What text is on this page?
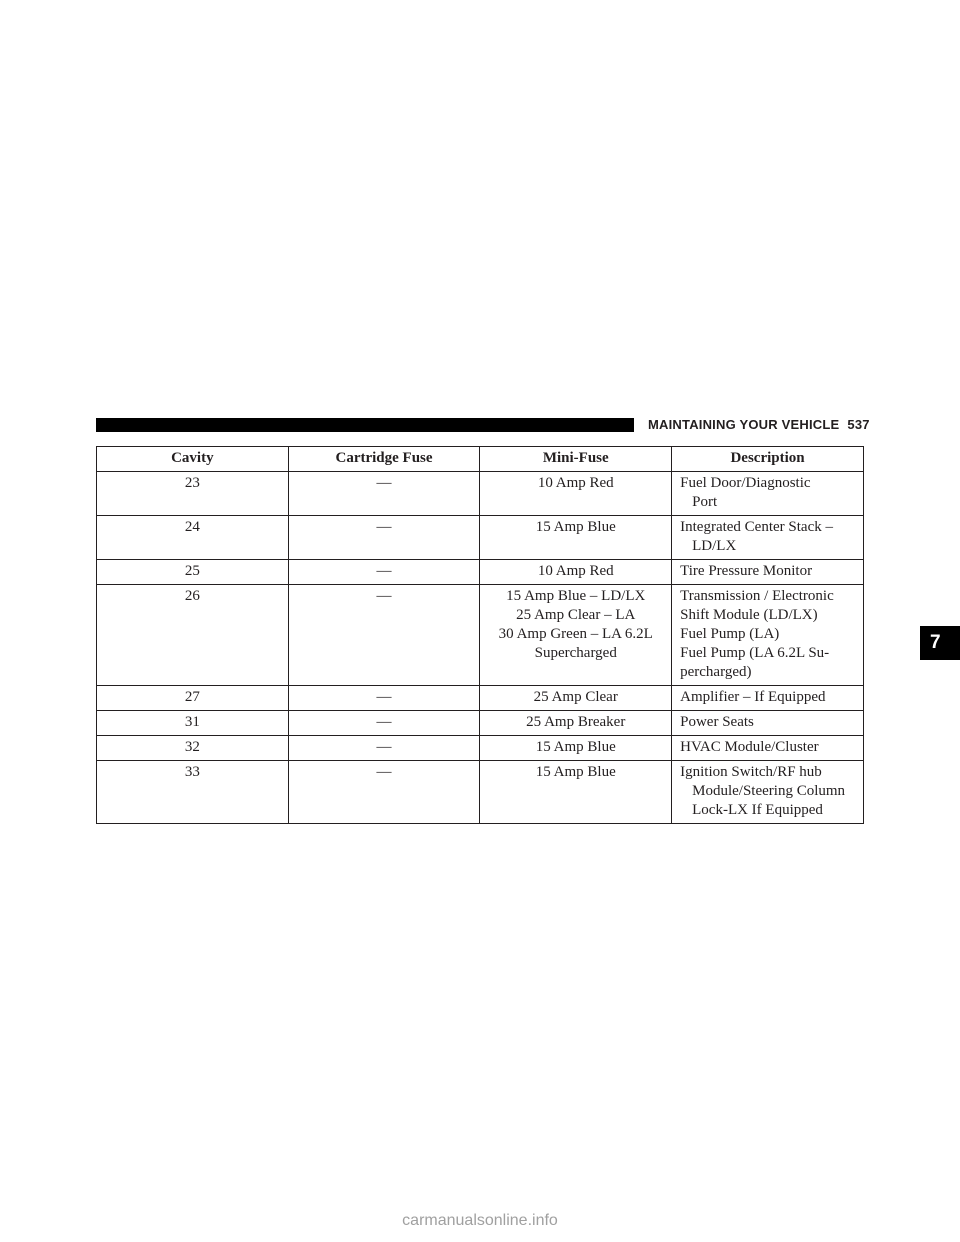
MAINTAINING YOUR VEHICLE 537
7
Cavity	Cartridge Fuse	Mini-Fuse	Description
23	—	10 Amp Red	Fuel Door/Diagnostic
Port

24	—	15 Amp Blue	Integrated Center Stack –
LD/LX

25	—	10 Amp Red	Tire Pressure Monitor

26	—	15 Amp Blue – LD/LX
25 Amp Clear – LA
30 Amp Green – LA 6.2L
Supercharged	Transmission / Electronic
Shift Module (LD/LX)
Fuel Pump (LA)
Fuel Pump (LA 6.2L Su-
percharged)

27	—	25 Amp Clear	Amplifier – If Equipped

31	—	25 Amp Breaker	Power Seats

32	—	15 Amp Blue	HVAC Module/Cluster

33	—	15 Amp Blue	Ignition Switch/RF hub
Module/Steering Column
Lock-LX If Equipped
carmanualsonline.info
